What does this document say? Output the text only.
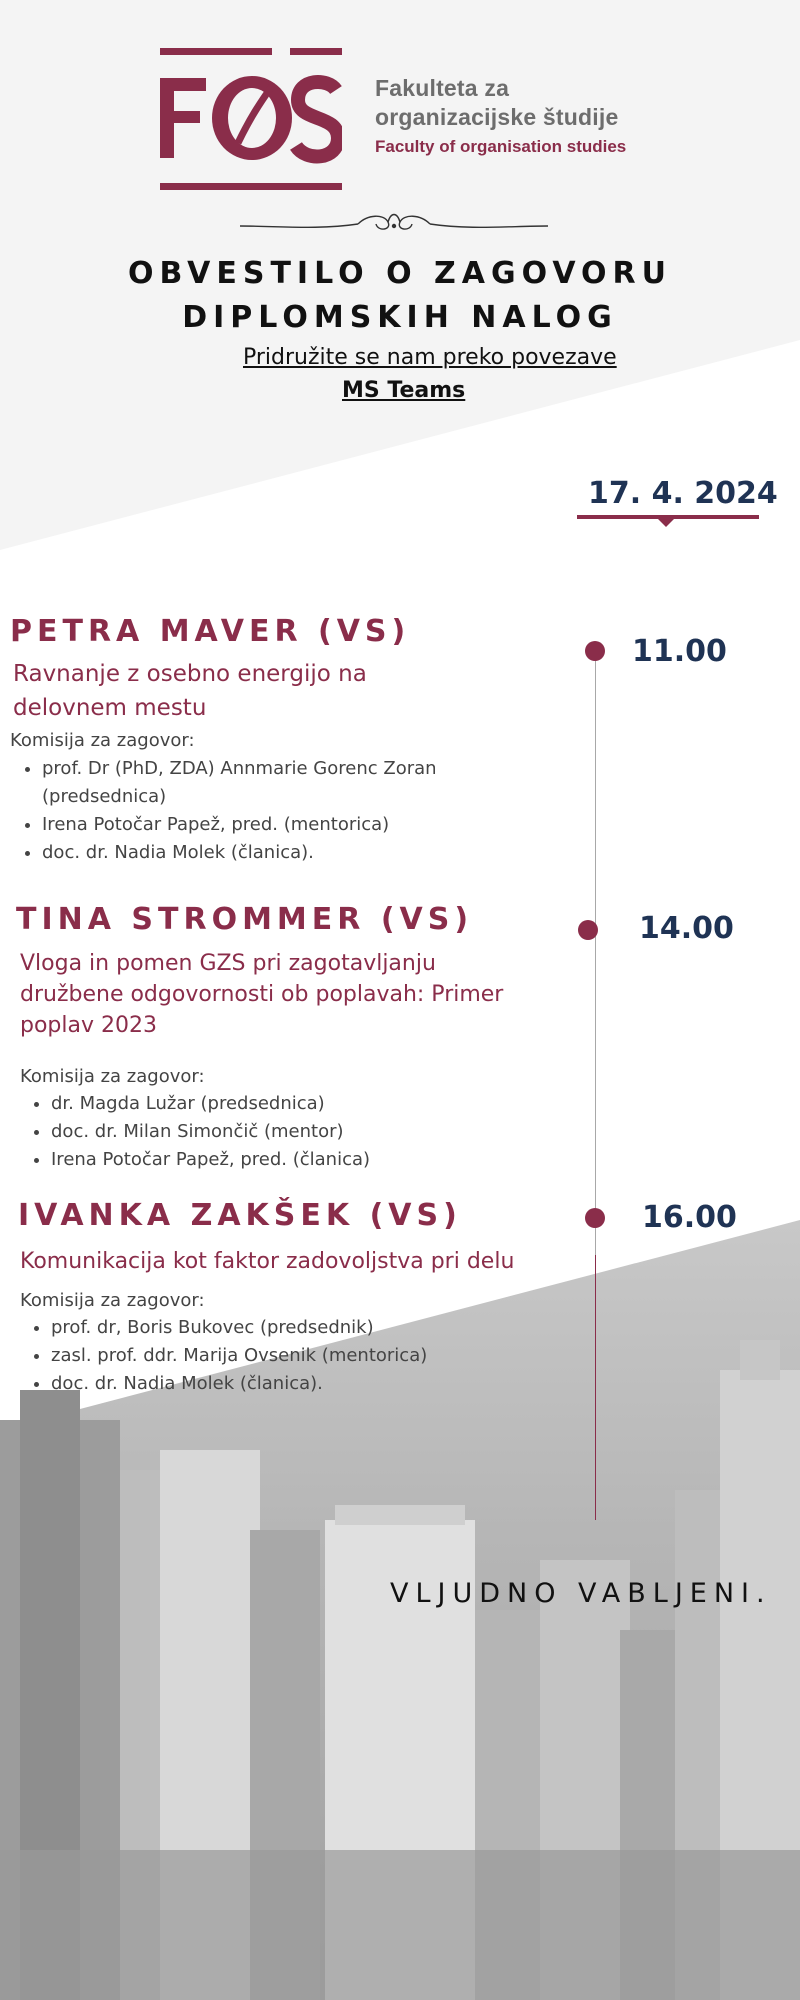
Fakulteta za
organizacijske študije
Faculty of organisation studies
OBVESTILO O ZAGOVORU
DIPLOMSKIH NALOG
Pridružite se nam preko povezave
MS Teams
17. 4. 2024
11.00
PETRA MAVER (VS)
Ravnanje z osebno energijo na
delovnem mestu
Komisija za zagovor:
• prof. Dr (PhD, ZDA) Annmarie Gorenc Zoran
(predsednica)
• Irena Potočar Papež, pred. (mentorica)
• doc. dr. Nadia Molek (članica).
14.00
TINA STROMMER (VS)
Vloga in pomen GZS pri zagotavljanju
družbene odgovornosti ob poplavah: Primer
poplav 2023
Komisija za zagovor:
• dr. Magda Lužar (predsednica)
• doc. dr. Milan Simončič (mentor)
• Irena Potočar Papež, pred. (članica)
16.00
IVANKA ZAKŠEK (VS)
Komunikacija kot faktor zadovoljstva pri delu
Komisija za zagovor:
• prof. dr, Boris Bukovec (predsednik)
• zasl. prof. ddr. Marija Ovsenik (mentorica)
• doc. dr. Nadia Molek (članica).
VLJUDNO VABLJENI.
